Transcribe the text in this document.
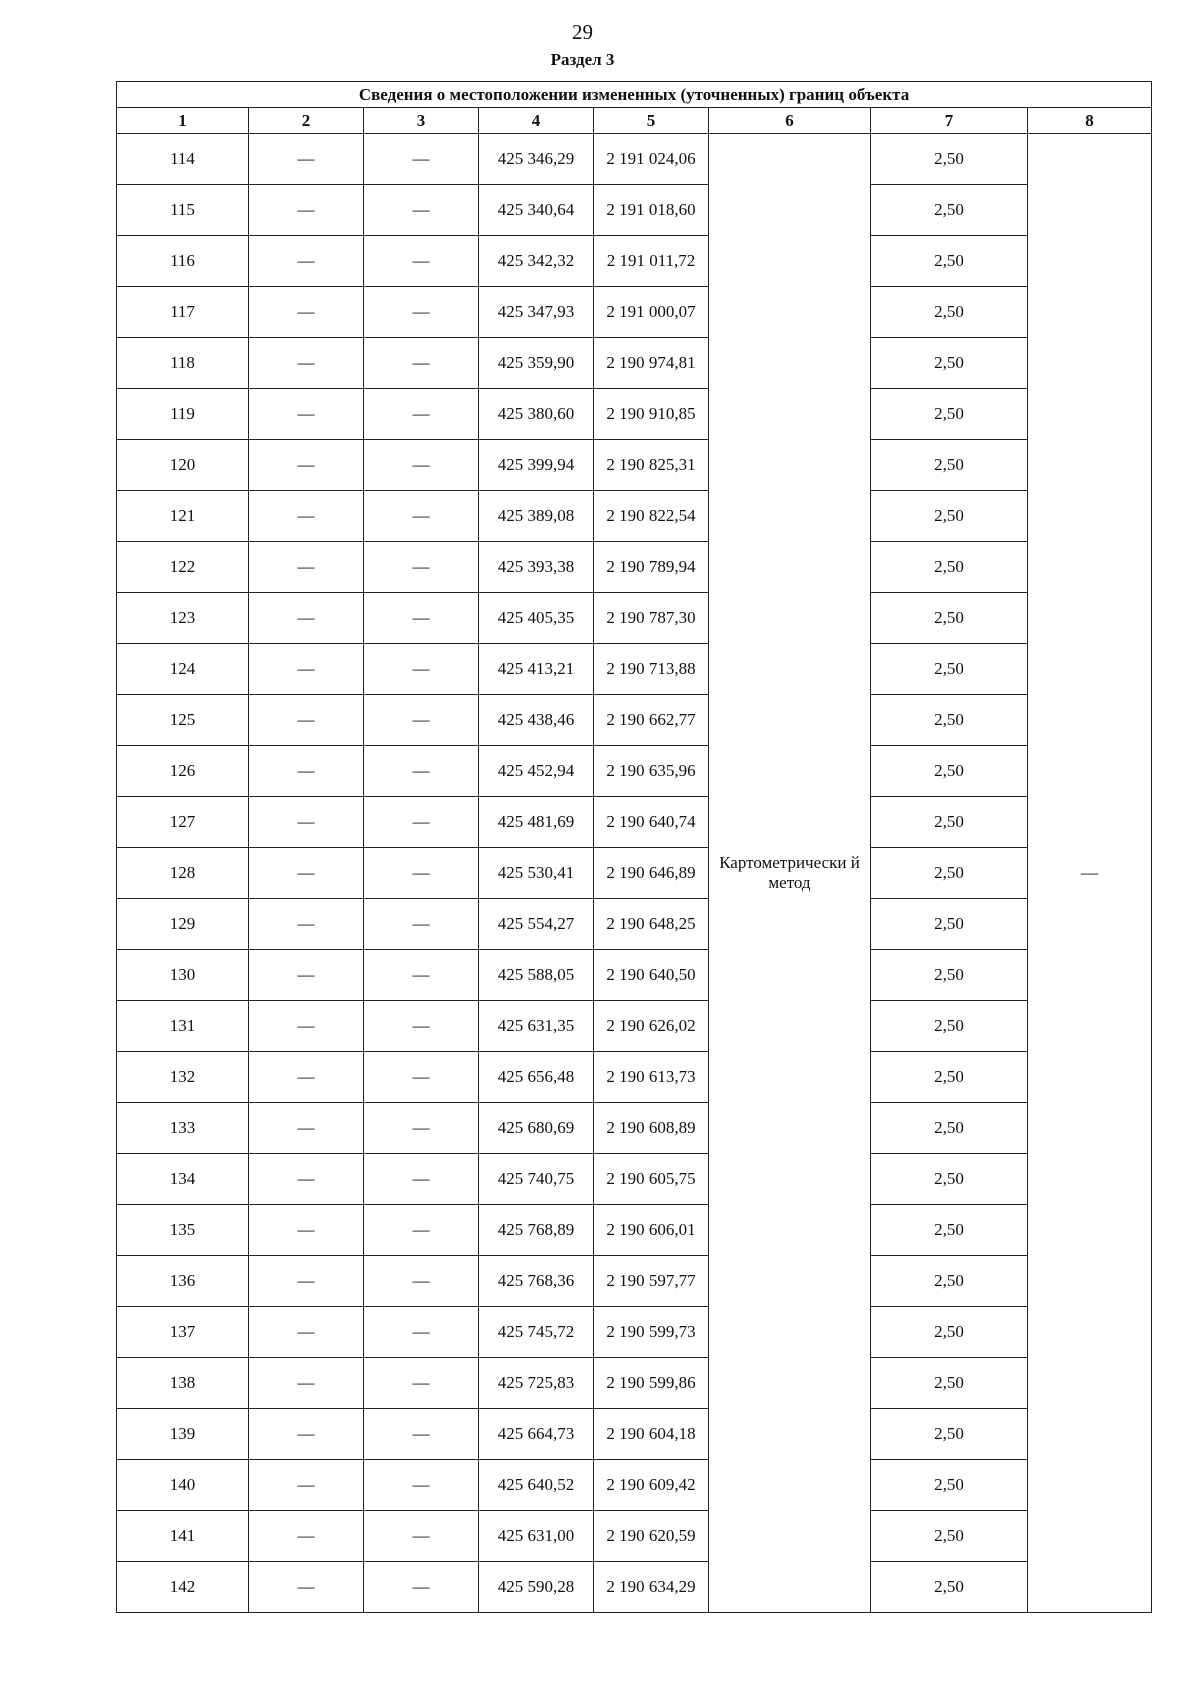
29
Раздел 3
Сведения о местоположении измененных (уточненных) границ объекта							
1	2	3	4	5	6	7	8
114	—	—	425 346,29	2 191 024,06	Картометрически й метод	2,50	—
115	—	—	425 340,64	2 191 018,60		2,50	
116	—	—	425 342,32	2 191 011,72		2,50	
117	—	—	425 347,93	2 191 000,07		2,50	
118	—	—	425 359,90	2 190 974,81		2,50	
119	—	—	425 380,60	2 190 910,85		2,50	
120	—	—	425 399,94	2 190 825,31		2,50	
121	—	—	425 389,08	2 190 822,54		2,50	
122	—	—	425 393,38	2 190 789,94		2,50	
123	—	—	425 405,35	2 190 787,30		2,50	
124	—	—	425 413,21	2 190 713,88		2,50	
125	—	—	425 438,46	2 190 662,77		2,50	
126	—	—	425 452,94	2 190 635,96		2,50	
127	—	—	425 481,69	2 190 640,74		2,50	
128	—	—	425 530,41	2 190 646,89		2,50	
129	—	—	425 554,27	2 190 648,25		2,50	
130	—	—	425 588,05	2 190 640,50		2,50	
131	—	—	425 631,35	2 190 626,02		2,50	
132	—	—	425 656,48	2 190 613,73		2,50	
133	—	—	425 680,69	2 190 608,89		2,50	
134	—	—	425 740,75	2 190 605,75		2,50	
135	—	—	425 768,89	2 190 606,01		2,50	
136	—	—	425 768,36	2 190 597,77		2,50	
137	—	—	425 745,72	2 190 599,73		2,50	
138	—	—	425 725,83	2 190 599,86		2,50	
139	—	—	425 664,73	2 190 604,18		2,50	
140	—	—	425 640,52	2 190 609,42		2,50	
141	—	—	425 631,00	2 190 620,59		2,50	
142	—	—	425 590,28	2 190 634,29		2,50	
